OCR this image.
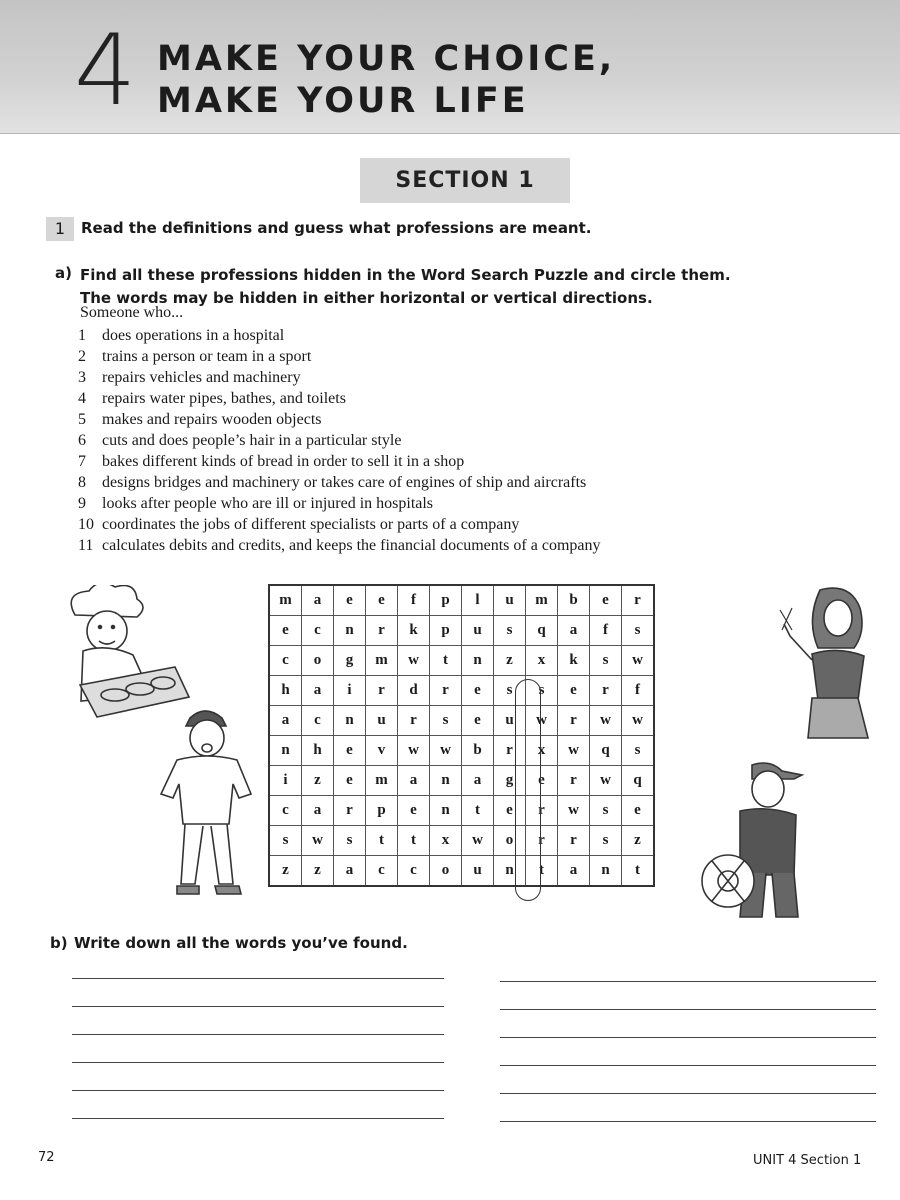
4 MAKE YOUR CHOICE,
MAKE YOUR LIFE
SECTION 1
1	Read the definitions and guess what professions are meant.
a) Find all these professions hidden in the Word Search Puzzle and circle them.
The words may be hidden in either horizontal or vertical directions.
Someone who...
1 does operations in a hospital
2 trains a person or team in a sport
3 repairs vehicles and machinery
4 repairs water pipes, bathes, and toilets
5 makes and repairs wooden objects
6 cuts and does people’s hair in a particular style
7 bakes different kinds of bread in order to sell it in a shop
8 designs bridges and machinery or takes care of engines of ship and aircrafts
9 looks after people who are ill or injured in hospitals
10 coordinates the jobs of different specialists or parts of a company
11 calculates debits and credits, and keeps the financial documents of a company
m	a	e	e	f	p	l	u	m	b	e	r
e	c	n	r	k	p	u	s	q	a	f	s
c	o	g	m	w	t	n	z	x	k	s	w
h	a	i	r	d	r	e	s	s	e	r	f
a	c	n	u	r	s	e	u	w	r	w	w
n	h	e	v	w	w	b	r	x	w	q	s
i	z	e	m	a	n	a	g	e	r	w	q
c	a	r	p	e	n	t	e	r	w	s	e
s	w	s	t	t	x	w	o	r	r	s	z
z	z	a	c	c	o	u	n	t	a	n	t
b) Write down all the words you’ve found.
72	UNIT 4 Section 1
